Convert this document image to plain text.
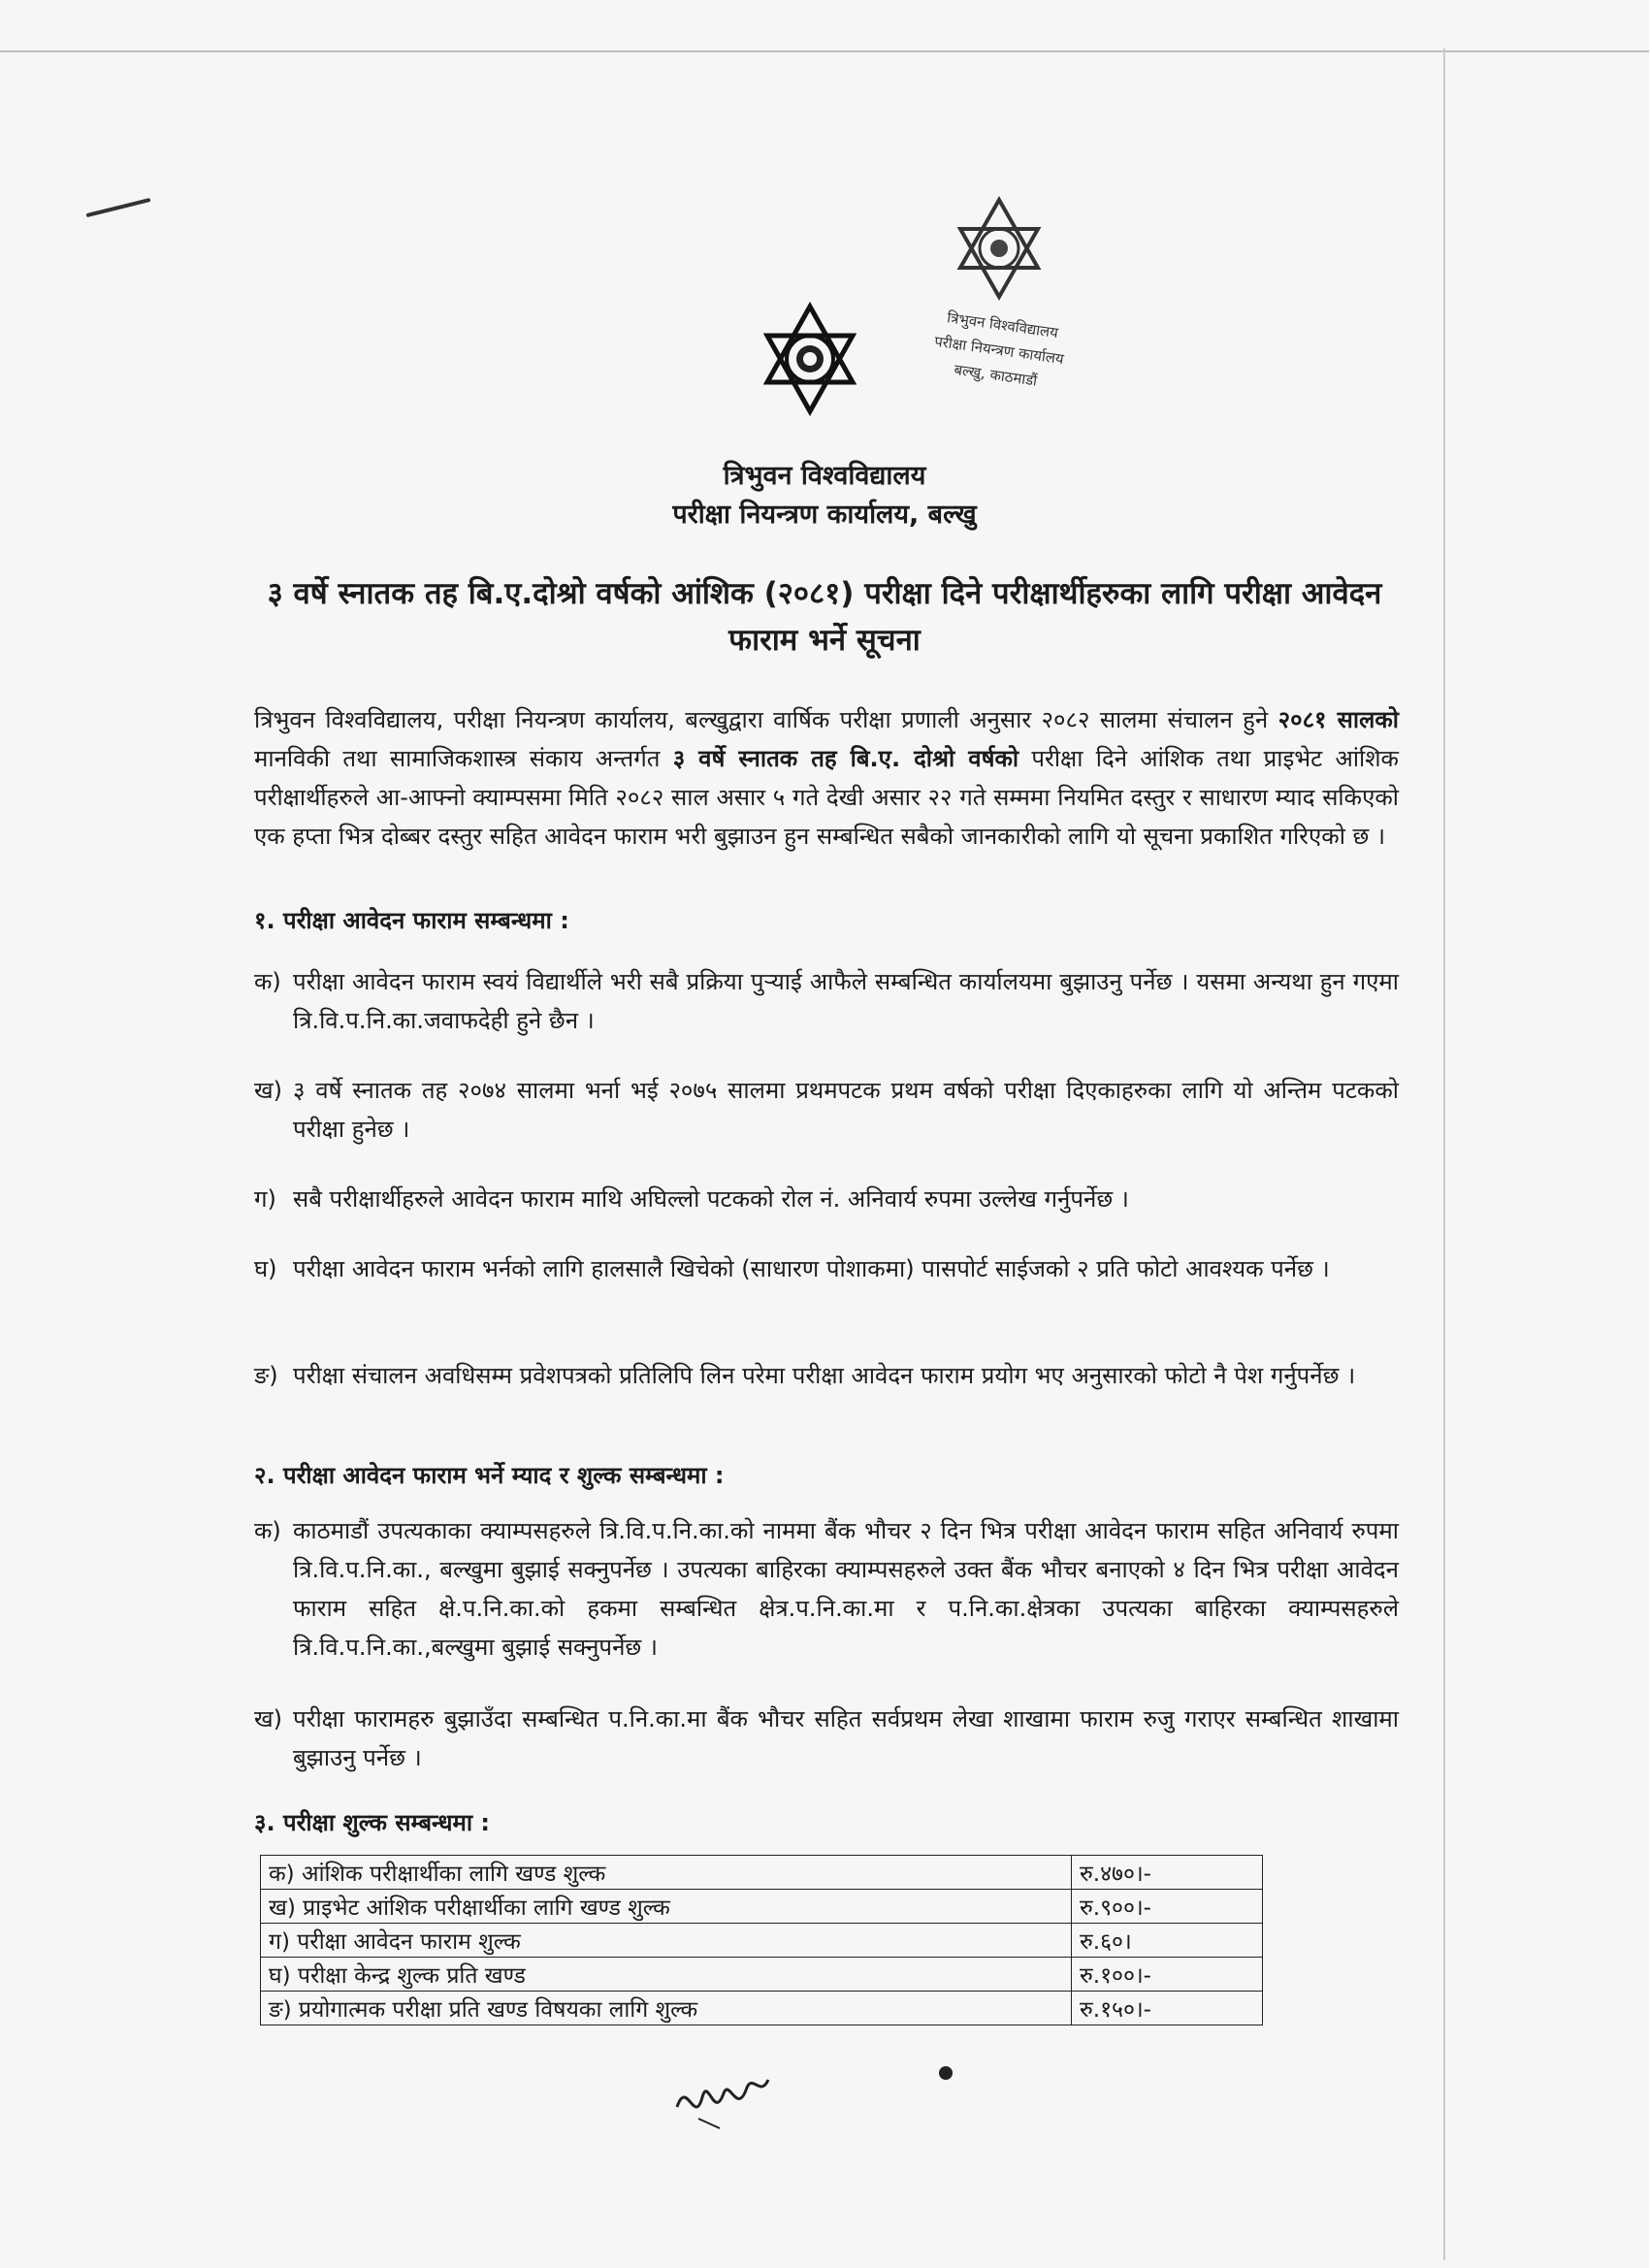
त्रिभुवन विश्वविद्यालय
परीक्षा नियन्त्रण कार्यालय
बल्खु, काठमाडौं
त्रिभुवन विश्वविद्यालय
परीक्षा नियन्त्रण कार्यालय, बल्खु
३ वर्षे स्नातक तह बि.ए.दोश्रो वर्षको आंशिक (२०८१) परीक्षा दिने परीक्षार्थीहरुका लागि परीक्षा आवेदन फाराम भर्ने सूचना
त्रिभुवन विश्वविद्यालय, परीक्षा नियन्त्रण कार्यालय, बल्खुद्वारा वार्षिक परीक्षा प्रणाली अनुसार २०८२ सालमा संचालन हुने २०८१ सालको मानविकी तथा सामाजिकशास्त्र संकाय अन्तर्गत ३ वर्षे स्नातक तह बि.ए. दोश्रो वर्षको परीक्षा दिने आंशिक तथा प्राइभेट आंशिक परीक्षार्थीहरुले आ-आफ्नो क्याम्पसमा मिति २०८२ साल असार ५ गते देखी असार २२ गते सम्ममा नियमित दस्तुर र साधारण म्याद सकिएको एक हप्ता भित्र दोब्बर दस्तुर सहित आवेदन फाराम भरी बुझाउन हुन सम्बन्धित सबैको जानकारीको लागि यो सूचना प्रकाशित गरिएको छ ।
१. परीक्षा आवेदन फाराम सम्बन्धमा :
क) परीक्षा आवेदन फाराम स्वयं विद्यार्थीले भरी सबै प्रक्रिया पुऱ्याई आफैले सम्बन्धित कार्यालयमा बुझाउनु पर्नेछ । यसमा अन्यथा हुन गएमा त्रि.वि.प.नि.का.जवाफदेही हुने छैन ।
ख) ३ वर्षे स्नातक तह २०७४ सालमा भर्ना भई २०७५ सालमा प्रथमपटक प्रथम वर्षको परीक्षा दिएकाहरुका लागि यो अन्तिम पटकको परीक्षा हुनेछ ।
ग) सबै परीक्षार्थीहरुले आवेदन फाराम माथि अघिल्लो पटकको रोल नं. अनिवार्य रुपमा उल्लेख गर्नुपर्नेछ ।
घ) परीक्षा आवेदन फाराम भर्नको लागि हालसालै खिचेको (साधारण पोशाकमा) पासपोर्ट साईजको २ प्रति फोटो आवश्यक पर्नेछ ।
ङ) परीक्षा संचालन अवधिसम्म प्रवेशपत्रको प्रतिलिपि लिन परेमा परीक्षा आवेदन फाराम प्रयोग भए अनुसारको फोटो नै पेश गर्नुपर्नेछ ।
२. परीक्षा आवेदन फाराम भर्ने म्याद र शुल्क सम्बन्धमा :
क) काठमाडौं उपत्यकाका क्याम्पसहरुले त्रि.वि.प.नि.का.को नाममा बैंक भौचर २ दिन भित्र परीक्षा आवेदन फाराम सहित अनिवार्य रुपमा त्रि.वि.प.नि.का., बल्खुमा बुझाई सक्नुपर्नेछ । उपत्यका बाहिरका क्याम्पसहरुले उक्त बैंक भौचर बनाएको ४ दिन भित्र परीक्षा आवेदन फाराम सहित क्षे.प.नि.का.को हकमा सम्बन्धित क्षेत्र.प.नि.का.मा र प.नि.का.क्षेत्रका उपत्यका बाहिरका क्याम्पसहरुले त्रि.वि.प.नि.का.,बल्खुमा बुझाई सक्नुपर्नेछ ।
ख) परीक्षा फारामहरु बुझाउँदा सम्बन्धित प.नि.का.मा बैंक भौचर सहित सर्वप्रथम लेखा शाखामा फाराम रुजु गराएर सम्बन्धित शाखामा बुझाउनु पर्नेछ ।
३. परीक्षा शुल्क सम्बन्धमा :
क) आंशिक परीक्षार्थीका लागि खण्ड शुल्क	रु.४७०।-
ख) प्राइभेट आंशिक परीक्षार्थीका लागि खण्ड शुल्क	रु.९००।-
ग) परीक्षा आवेदन फाराम शुल्क	रु.६०।
घ) परीक्षा केन्द्र शुल्क प्रति खण्ड	रु.१००।-
ङ) प्रयोगात्मक परीक्षा प्रति खण्ड विषयका लागि शुल्क	रु.१५०।-
